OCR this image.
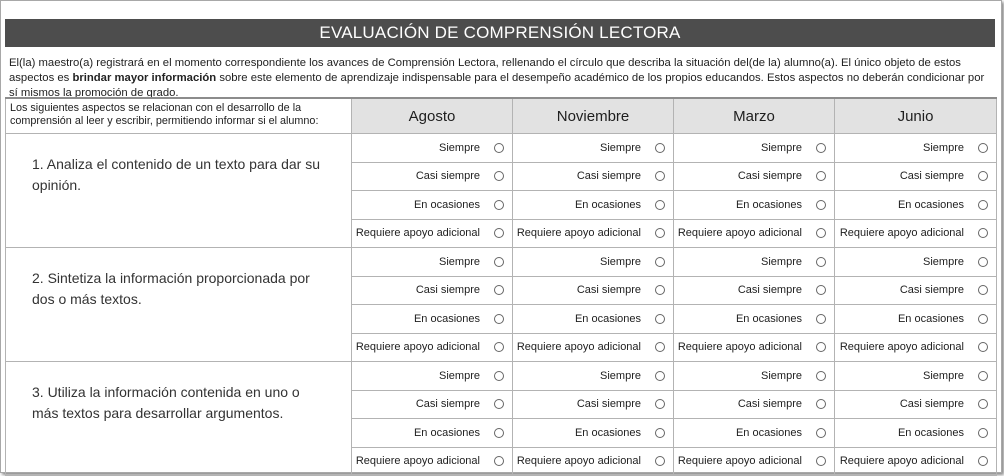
EVALUACIÓN DE COMPRENSIÓN LECTORA
El(la) maestro(a) registrará en el momento correspondiente los avances de Comprensión Lectora, rellenando el círculo que describa la situación del(de la) alumno(a). El único objeto de estos aspectos es brindar mayor información sobre este elemento de aprendizaje indispensable para el desempeño académico de los propios educandos. Estos aspectos no deberán condicionar por sí mismos la promoción de grado.
Los siguientes aspectos se relacionan con el desarrollo de la comprensión al leer y escribir, permitiendo informar si el alumno:	Agosto	Noviembre	Marzo	Junio
1. Analiza el contenido de un texto para dar su opinión.	Siempre	Siempre	Siempre	Siempre

	Casi siempre	Casi siempre	Casi siempre	Casi siempre

	En ocasiones	En ocasiones	En ocasiones	En ocasiones

	Requiere apoyo adicional	Requiere apoyo adicional	Requiere apoyo adicional	Requiere apoyo adicional

2. Sintetiza la información proporcionada por dos o más textos.	Siempre	Siempre	Siempre	Siempre

	Casi siempre	Casi siempre	Casi siempre	Casi siempre

	En ocasiones	En ocasiones	En ocasiones	En ocasiones

	Requiere apoyo adicional	Requiere apoyo adicional	Requiere apoyo adicional	Requiere apoyo adicional

3. Utiliza la información contenida en uno o más textos para desarrollar argumentos.	Siempre	Siempre	Siempre	Siempre

	Casi siempre	Casi siempre	Casi siempre	Casi siempre

	En ocasiones	En ocasiones	En ocasiones	En ocasiones

	Requiere apoyo adicional	Requiere apoyo adicional	Requiere apoyo adicional	Requiere apoyo adicional
